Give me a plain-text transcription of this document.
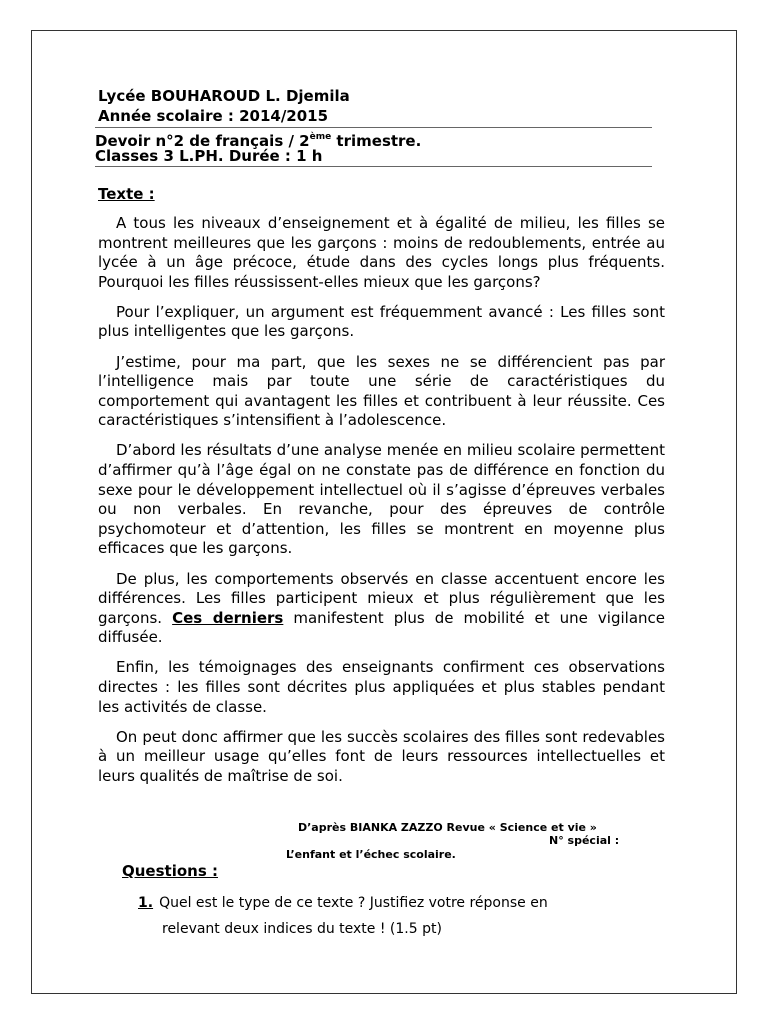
Lycée BOUHAROUD L. Djemila
Année scolaire : 2014/2015
Devoir n°2 de français / 2ème trimestre.
Classes 3 L.PH. Durée : 1 h
Texte :

A tous les niveaux d’enseignement et à égalité de milieu, les filles se montrent meilleures que les garçons : moins de redoublements, entrée au lycée à un âge précoce, étude dans des cycles longs plus fréquents. Pourquoi les filles réussissent-elles mieux que les garçons?

Pour l’expliquer, un argument est fréquemment avancé : Les filles sont plus intelligentes que les garçons.

J’estime, pour ma part, que les sexes ne se différencient pas par l’intelligence mais par toute une série de caractéristiques du comportement qui avantagent les filles et contribuent à leur réussite. Ces caractéristiques s’intensifient à l’adolescence.

D’abord les résultats d’une analyse menée en milieu scolaire permettent d’affirmer qu’à l’âge égal on ne constate pas de différence en fonction du sexe pour le développement intellectuel où il s’agisse d’épreuves verbales ou non verbales. En revanche, pour des épreuves de contrôle psychomoteur et d’attention, les filles se montrent en moyenne plus efficaces que les garçons.

De plus, les comportements observés en classe accentuent encore les différences. Les filles participent mieux et plus régulièrement que les garçons. Ces derniers manifestent plus de mobilité et une vigilance diffusée.

Enfin, les témoignages des enseignants confirment ces observations directes : les filles sont décrites plus appliquées et plus stables pendant les activités de classe.

On peut donc affirmer que les succès scolaires des filles sont redevables à un meilleur usage qu’elles font de leurs ressources intellectuelles et leurs qualités de maîtrise de soi.

D’après BIANKA ZAZZO Revue « Science et vie »
N° spécial :
L’enfant et l’échec scolaire.
Questions :
1. Quel est le type de ce texte ? Justifiez votre réponse en
relevant deux indices du texte ! (1.5 pt)
